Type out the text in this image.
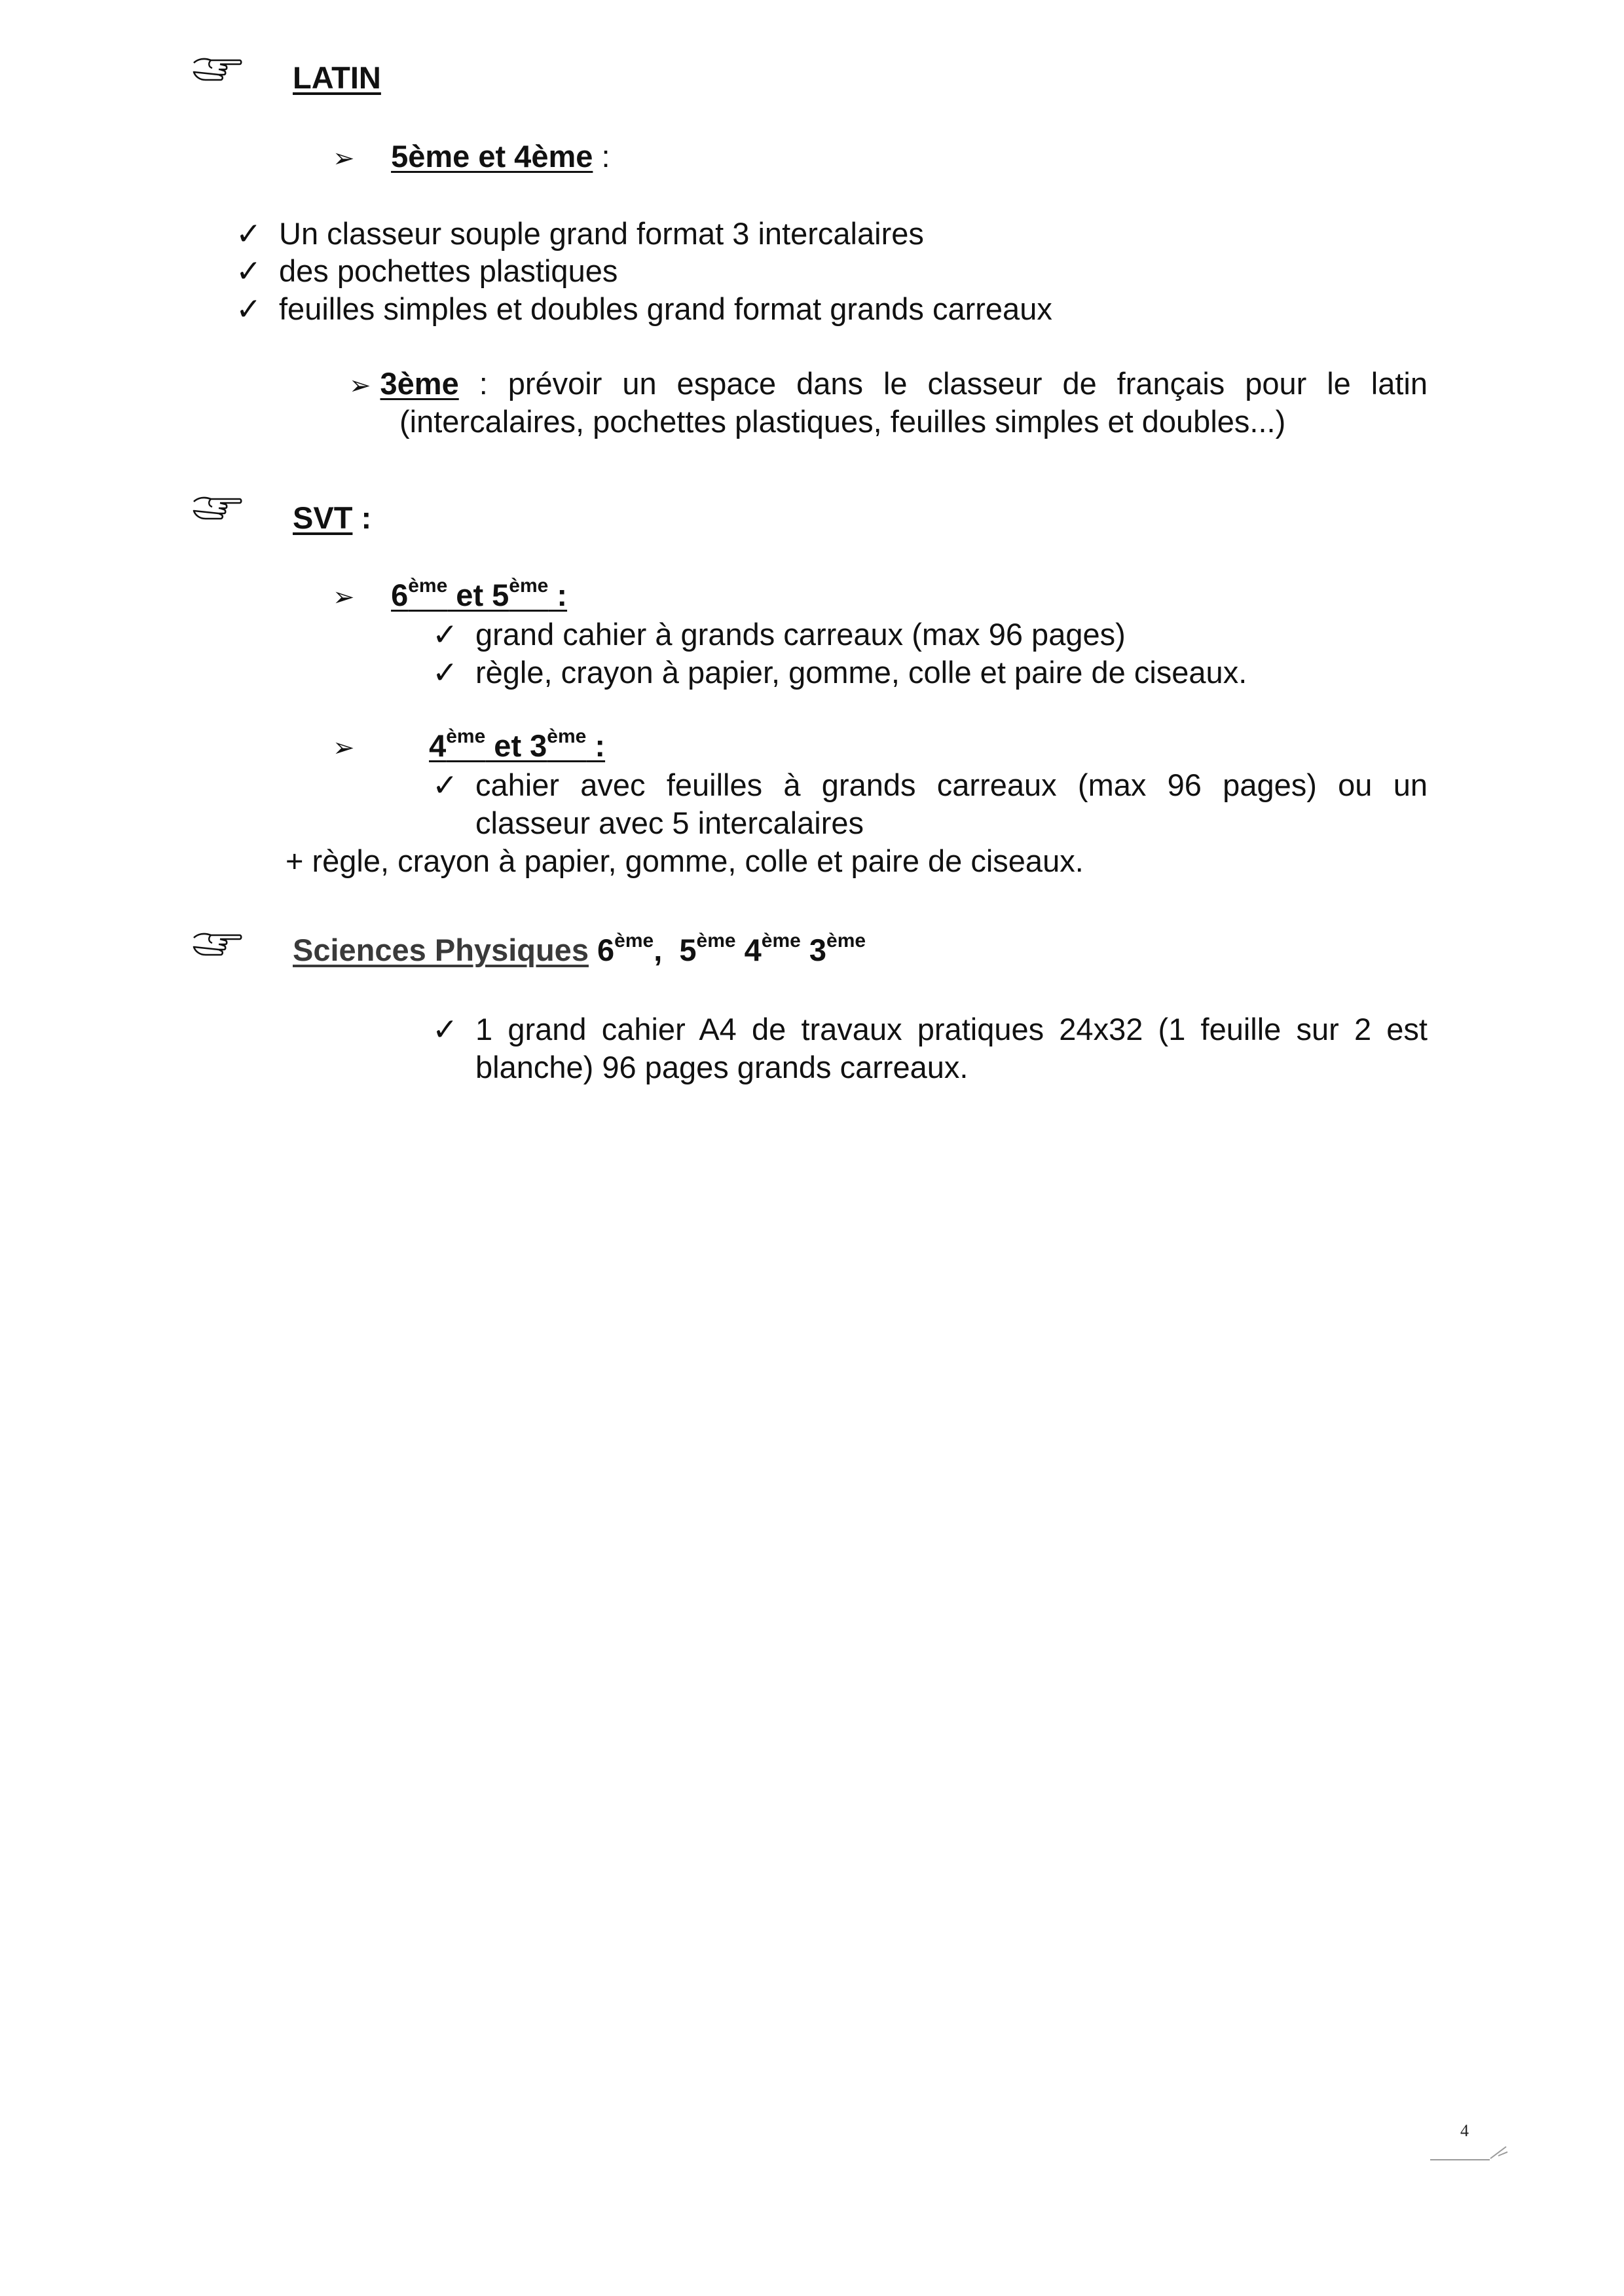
LATIN
➢ 5ème et 4ème :
✓ Un classeur souple grand format 3 intercalaires
✓ des pochettes plastiques
✓ feuilles simples et doubles grand format grands carreaux
➢ 3ème : prévoir un espace dans le classeur de français pour le latin
(intercalaires, pochettes plastiques, feuilles simples et doubles...)
SVT :
➢ 6ème et 5ème :
✓ grand cahier à grands carreaux (max 96 pages)
✓ règle, crayon à papier, gomme, colle et paire de ciseaux.
➢ 4ème et 3ème :
✓ cahier avec feuilles à grands carreaux (max 96 pages) ou un
classeur avec 5 intercalaires
+ règle, crayon à papier, gomme, colle et paire de ciseaux.
Sciences Physiques 6ème,  5ème 4ème 3ème
✓ 1 grand cahier A4 de travaux pratiques 24x32 (1 feuille sur 2 est
blanche) 96 pages grands carreaux.
4
